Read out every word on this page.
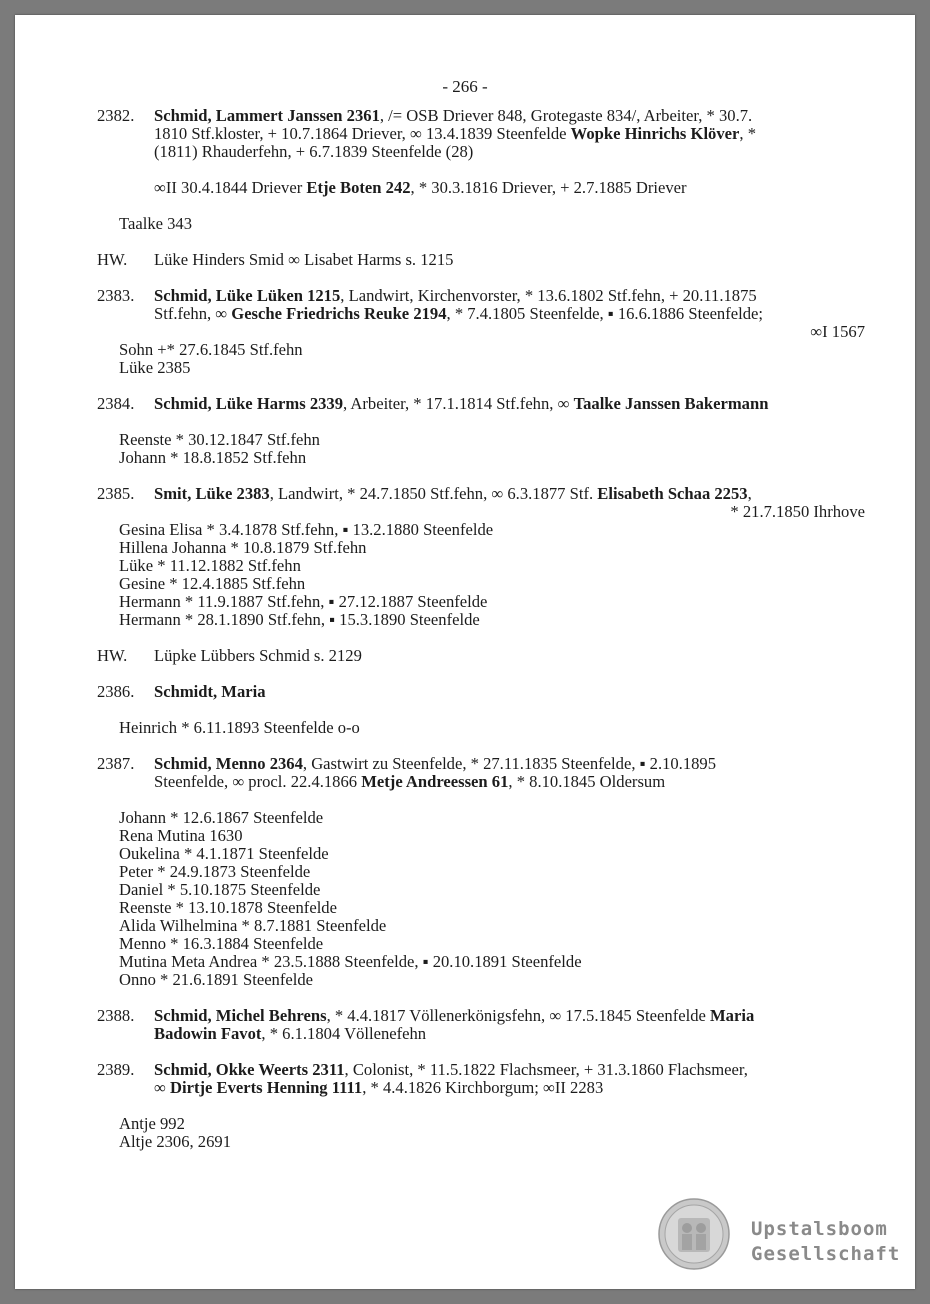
- 266 -
2382. Schmid, Lammert Janssen 2361, /= OSB Driever 848, Grotegaste 834/, Arbeiter, * 30.7.

1810 Stf.kloster, + 10.7.1864 Driever, ∞ 13.4.1839 Steenfelde Wopke Hinrichs Klöver, *

(1811) Rhauderfehn, + 6.7.1839 Steenfelde (28)

∞II 30.4.1844 Driever Etje Boten 242, * 30.3.1816 Driever, + 2.7.1885 Driever

Taalke 343

HW. Lüke Hinders Smid ∞ Lisabet Harms s. 1215

2383. Schmid, Lüke Lüken 1215, Landwirt, Kirchenvorster, * 13.6.1802 Stf.fehn, + 20.11.1875

Stf.fehn, ∞ Gesche Friedrichs Reuke 2194, * 7.4.1805 Steenfelde, ▪ 16.6.1886 Steenfelde;

∞I 1567

Sohn +* 27.6.1845 Stf.fehn

Lüke 2385

2384. Schmid, Lüke Harms 2339, Arbeiter, * 17.1.1814 Stf.fehn, ∞ Taalke Janssen Bakermann

Reenste * 30.12.1847 Stf.fehn

Johann * 18.8.1852 Stf.fehn

2385. Smit, Lüke 2383, Landwirt, * 24.7.1850 Stf.fehn, ∞ 6.3.1877 Stf. Elisabeth Schaa 2253,

* 21.7.1850 Ihrhove

Gesina Elisa * 3.4.1878 Stf.fehn, ▪ 13.2.1880 Steenfelde

Hillena Johanna * 10.8.1879 Stf.fehn

Lüke * 11.12.1882 Stf.fehn

Gesine * 12.4.1885 Stf.fehn

Hermann * 11.9.1887 Stf.fehn, ▪ 27.12.1887 Steenfelde

Hermann * 28.1.1890 Stf.fehn, ▪ 15.3.1890 Steenfelde

HW. Lüpke Lübbers Schmid s. 2129

2386. Schmidt, Maria

Heinrich * 6.11.1893 Steenfelde o-o

2387. Schmid, Menno 2364, Gastwirt zu Steenfelde, * 27.11.1835 Steenfelde, ▪ 2.10.1895

Steenfelde, ∞ procl. 22.4.1866 Metje Andreessen 61, * 8.10.1845 Oldersum

Johann * 12.6.1867 Steenfelde

Rena Mutina 1630

Oukelina * 4.1.1871 Steenfelde

Peter * 24.9.1873 Steenfelde

Daniel * 5.10.1875 Steenfelde

Reenste * 13.10.1878 Steenfelde

Alida Wilhelmina * 8.7.1881 Steenfelde

Menno * 16.3.1884 Steenfelde

Mutina Meta Andrea * 23.5.1888 Steenfelde, ▪ 20.10.1891 Steenfelde

Onno * 21.6.1891 Steenfelde

2388. Schmid, Michel Behrens, * 4.4.1817 Völlenerkönigsfehn, ∞ 17.5.1845 Steenfelde Maria

Badowin Favot, * 6.1.1804 Völlenefehn

2389. Schmid, Okke Weerts 2311, Colonist, * 11.5.1822 Flachsmeer, + 31.3.1860 Flachsmeer,

∞ Dirtje Everts Henning 1111, * 4.4.1826 Kirchborgum; ∞II 2283

Antje 992

Altje 2306, 2691

Upstalsboom
Gesellschaft
